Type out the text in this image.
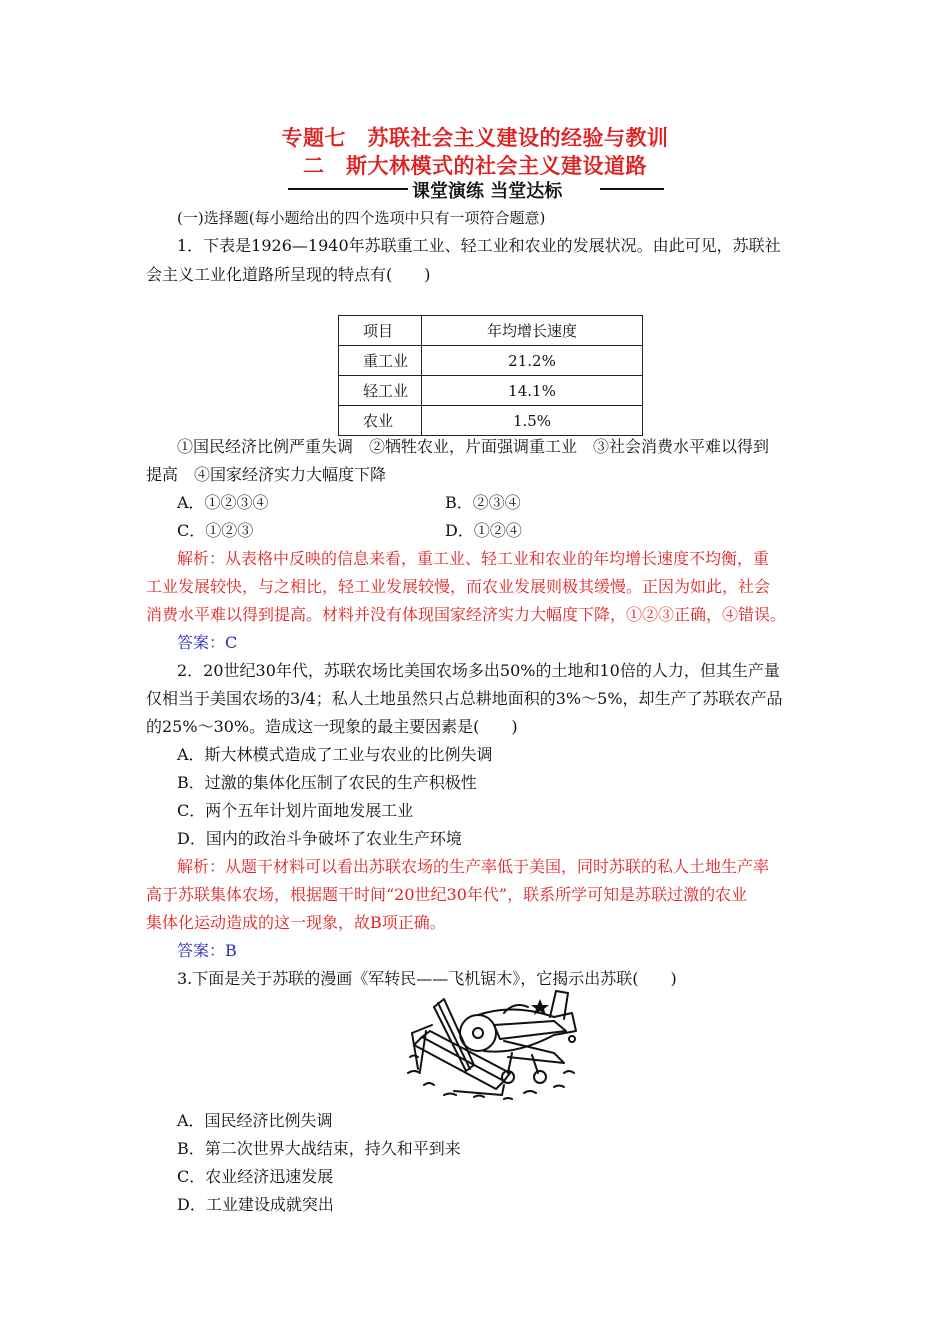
专题七　苏联社会主义建设的经验与教训
二　斯大林模式的社会主义建设道路
课堂演练 当堂达标
(一)选择题(每小题给出的四个选项中只有一项符合题意)
1．下表是1926—1940年苏联重工业、轻工业和农业的发展状况。由此可见，苏联社
会主义工业化道路所呈现的特点有(　　)
项目	年均增长速度
重工业	21.2%
轻工业	14.1%
农业	1.5%
①国民经济比例严重失调　②牺牲农业，片面强调重工业　③社会消费水平难以得到
提高　④国家经济实力大幅度下降
A．①②③④	B．②③④
C．①②③	D．①②④
解析：从表格中反映的信息来看，重工业、轻工业和农业的年均增长速度不均衡，重
工业发展较快，与之相比，轻工业发展较慢，而农业发展则极其缓慢。正因为如此，社会
消费水平难以得到提高。材料并没有体现国家经济实力大幅度下降，①②③正确，④错误。
答案：C
2．20世纪30年代，苏联农场比美国农场多出50%的土地和10倍的人力，但其生产量
仅相当于美国农场的3/4；私人土地虽然只占总耕地面积的3%～5%，却生产了苏联农产品
的25%～30%。造成这一现象的最主要因素是(　　)
A．斯大林模式造成了工业与农业的比例失调
B．过激的集体化压制了农民的生产积极性
C．两个五年计划片面地发展工业
D．国内的政治斗争破坏了农业生产环境
解析：从题干材料可以看出苏联农场的生产率低于美国，同时苏联的私人土地生产率
高于苏联集体农场，根据题干时间“20世纪30年代”，联系所学可知是苏联过激的农业
集体化运动造成的这一现象，故B项正确。
答案：B
3.下面是关于苏联的漫画《军转民——飞机锯木》，它揭示出苏联(　　)
A．国民经济比例失调
B．第二次世界大战结束，持久和平到来
C．农业经济迅速发展
D．工业建设成就突出
